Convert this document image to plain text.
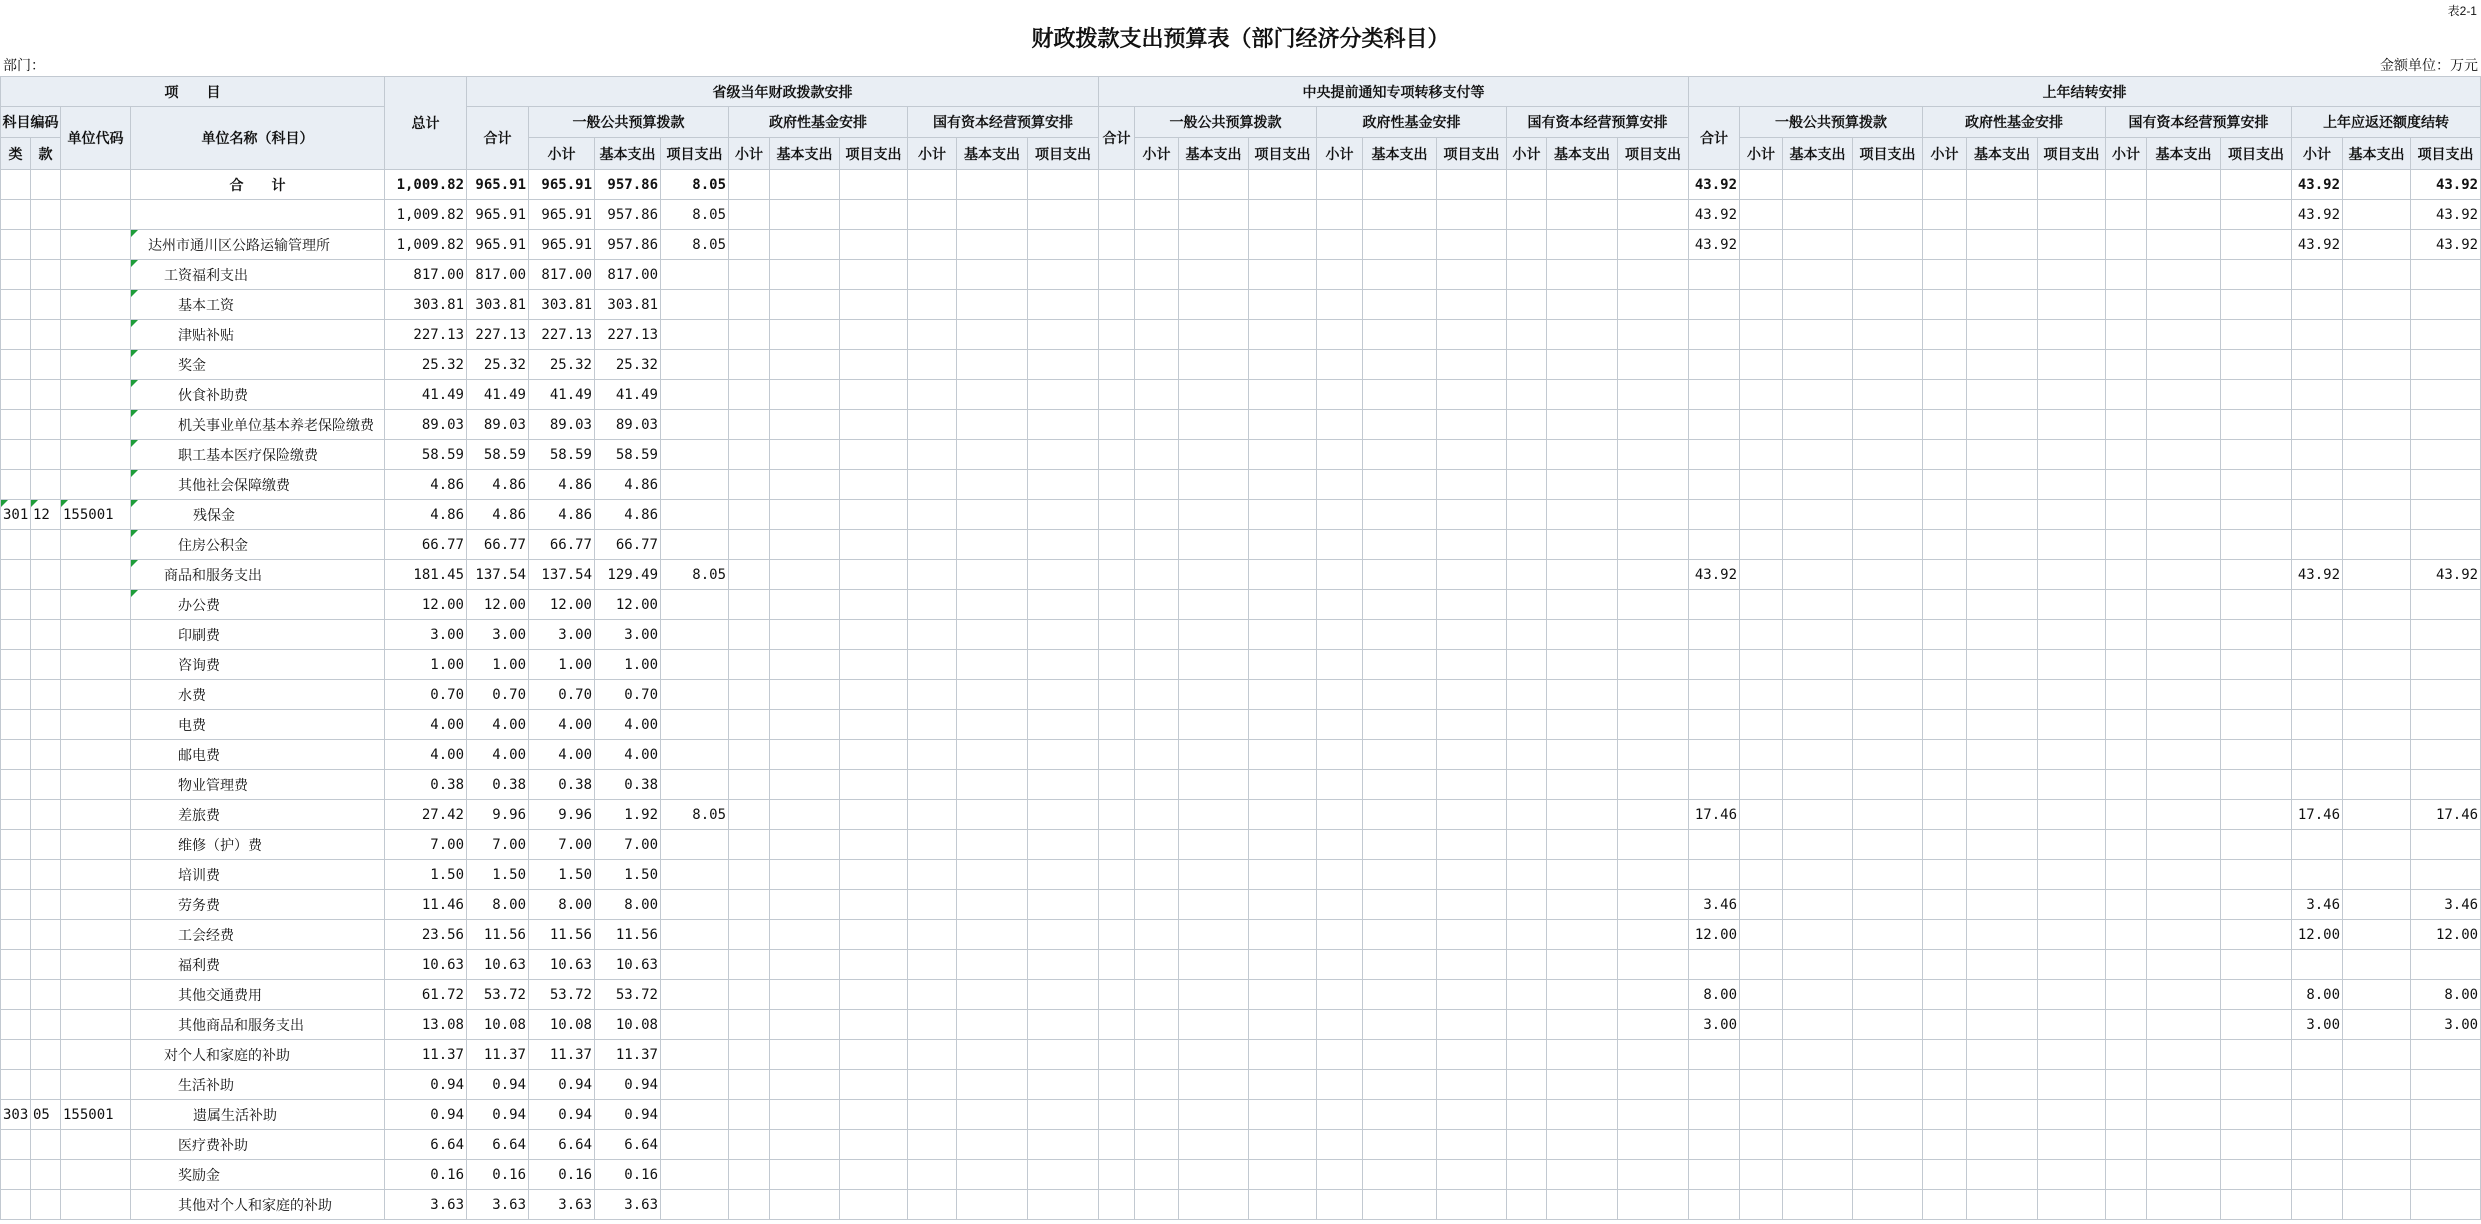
表2-1
财政拨款支出预算表（部门经济分类科目）
部门：	金额单位：万元
项　　目				总计	省级当年财政拨款安排										中央提前通知专项转移支付等										上年结转安排												
科目编码		单位代码	单位名称（科目）		合计	一般公共预算拨款			政府性基金安排			国有资本经营预算安排			合计	一般公共预算拨款			政府性基金安排			国有资本经营预算安排			合计	一般公共预算拨款			政府性基金安排			国有资本经营预算安排			上年应返还额度结转		
类	款					小计	基本支出	项目支出	小计	基本支出	项目支出	小计	基本支出	项目支出		小计	基本支出	项目支出	小计	基本支出	项目支出	小计	基本支出	项目支出		小计	基本支出	项目支出	小计	基本支出	项目支出	小计	基本支出	项目支出	小计	基本支出	项目支出
			合　　计	1,009.82	965.91	965.91	957.86	8.05																	43.92										43.92		43.92
				1,009.82	965.91	965.91	957.86	8.05																	43.92										43.92		43.92
			达州市通川区公路运输管理所	1,009.82	965.91	965.91	957.86	8.05																	43.92										43.92		43.92
			工资福利支出	817.00	817.00	817.00	817.00																														
			基本工资	303.81	303.81	303.81	303.81																														
			津贴补贴	227.13	227.13	227.13	227.13																														
			奖金	25.32	25.32	25.32	25.32																														
			伙食补助费	41.49	41.49	41.49	41.49																														
			机关事业单位基本养老保险缴费	89.03	89.03	89.03	89.03																														
			职工基本医疗保险缴费	58.59	58.59	58.59	58.59																														
			其他社会保障缴费	4.86	4.86	4.86	4.86																														
301	12	155001	残保金	4.86	4.86	4.86	4.86																														
			住房公积金	66.77	66.77	66.77	66.77																														
			商品和服务支出	181.45	137.54	137.54	129.49	8.05																	43.92										43.92		43.92
			办公费	12.00	12.00	12.00	12.00																														
			印刷费	3.00	3.00	3.00	3.00																														
			咨询费	1.00	1.00	1.00	1.00																														
			水费	0.70	0.70	0.70	0.70																														
			电费	4.00	4.00	4.00	4.00																														
			邮电费	4.00	4.00	4.00	4.00																														
			物业管理费	0.38	0.38	0.38	0.38																														
			差旅费	27.42	9.96	9.96	1.92	8.05																	17.46										17.46		17.46
			维修（护）费	7.00	7.00	7.00	7.00																														
			培训费	1.50	1.50	1.50	1.50																														
			劳务费	11.46	8.00	8.00	8.00																		3.46										3.46		3.46
			工会经费	23.56	11.56	11.56	11.56																		12.00										12.00		12.00
			福利费	10.63	10.63	10.63	10.63																														
			其他交通费用	61.72	53.72	53.72	53.72																		8.00										8.00		8.00
			其他商品和服务支出	13.08	10.08	10.08	10.08																		3.00										3.00		3.00
			对个人和家庭的补助	11.37	11.37	11.37	11.37																														
			生活补助	0.94	0.94	0.94	0.94																														
303	05	155001	遗属生活补助	0.94	0.94	0.94	0.94																														
			医疗费补助	6.64	6.64	6.64	6.64																														
			奖励金	0.16	0.16	0.16	0.16																														
			其他对个人和家庭的补助	3.63	3.63	3.63	3.63																														
